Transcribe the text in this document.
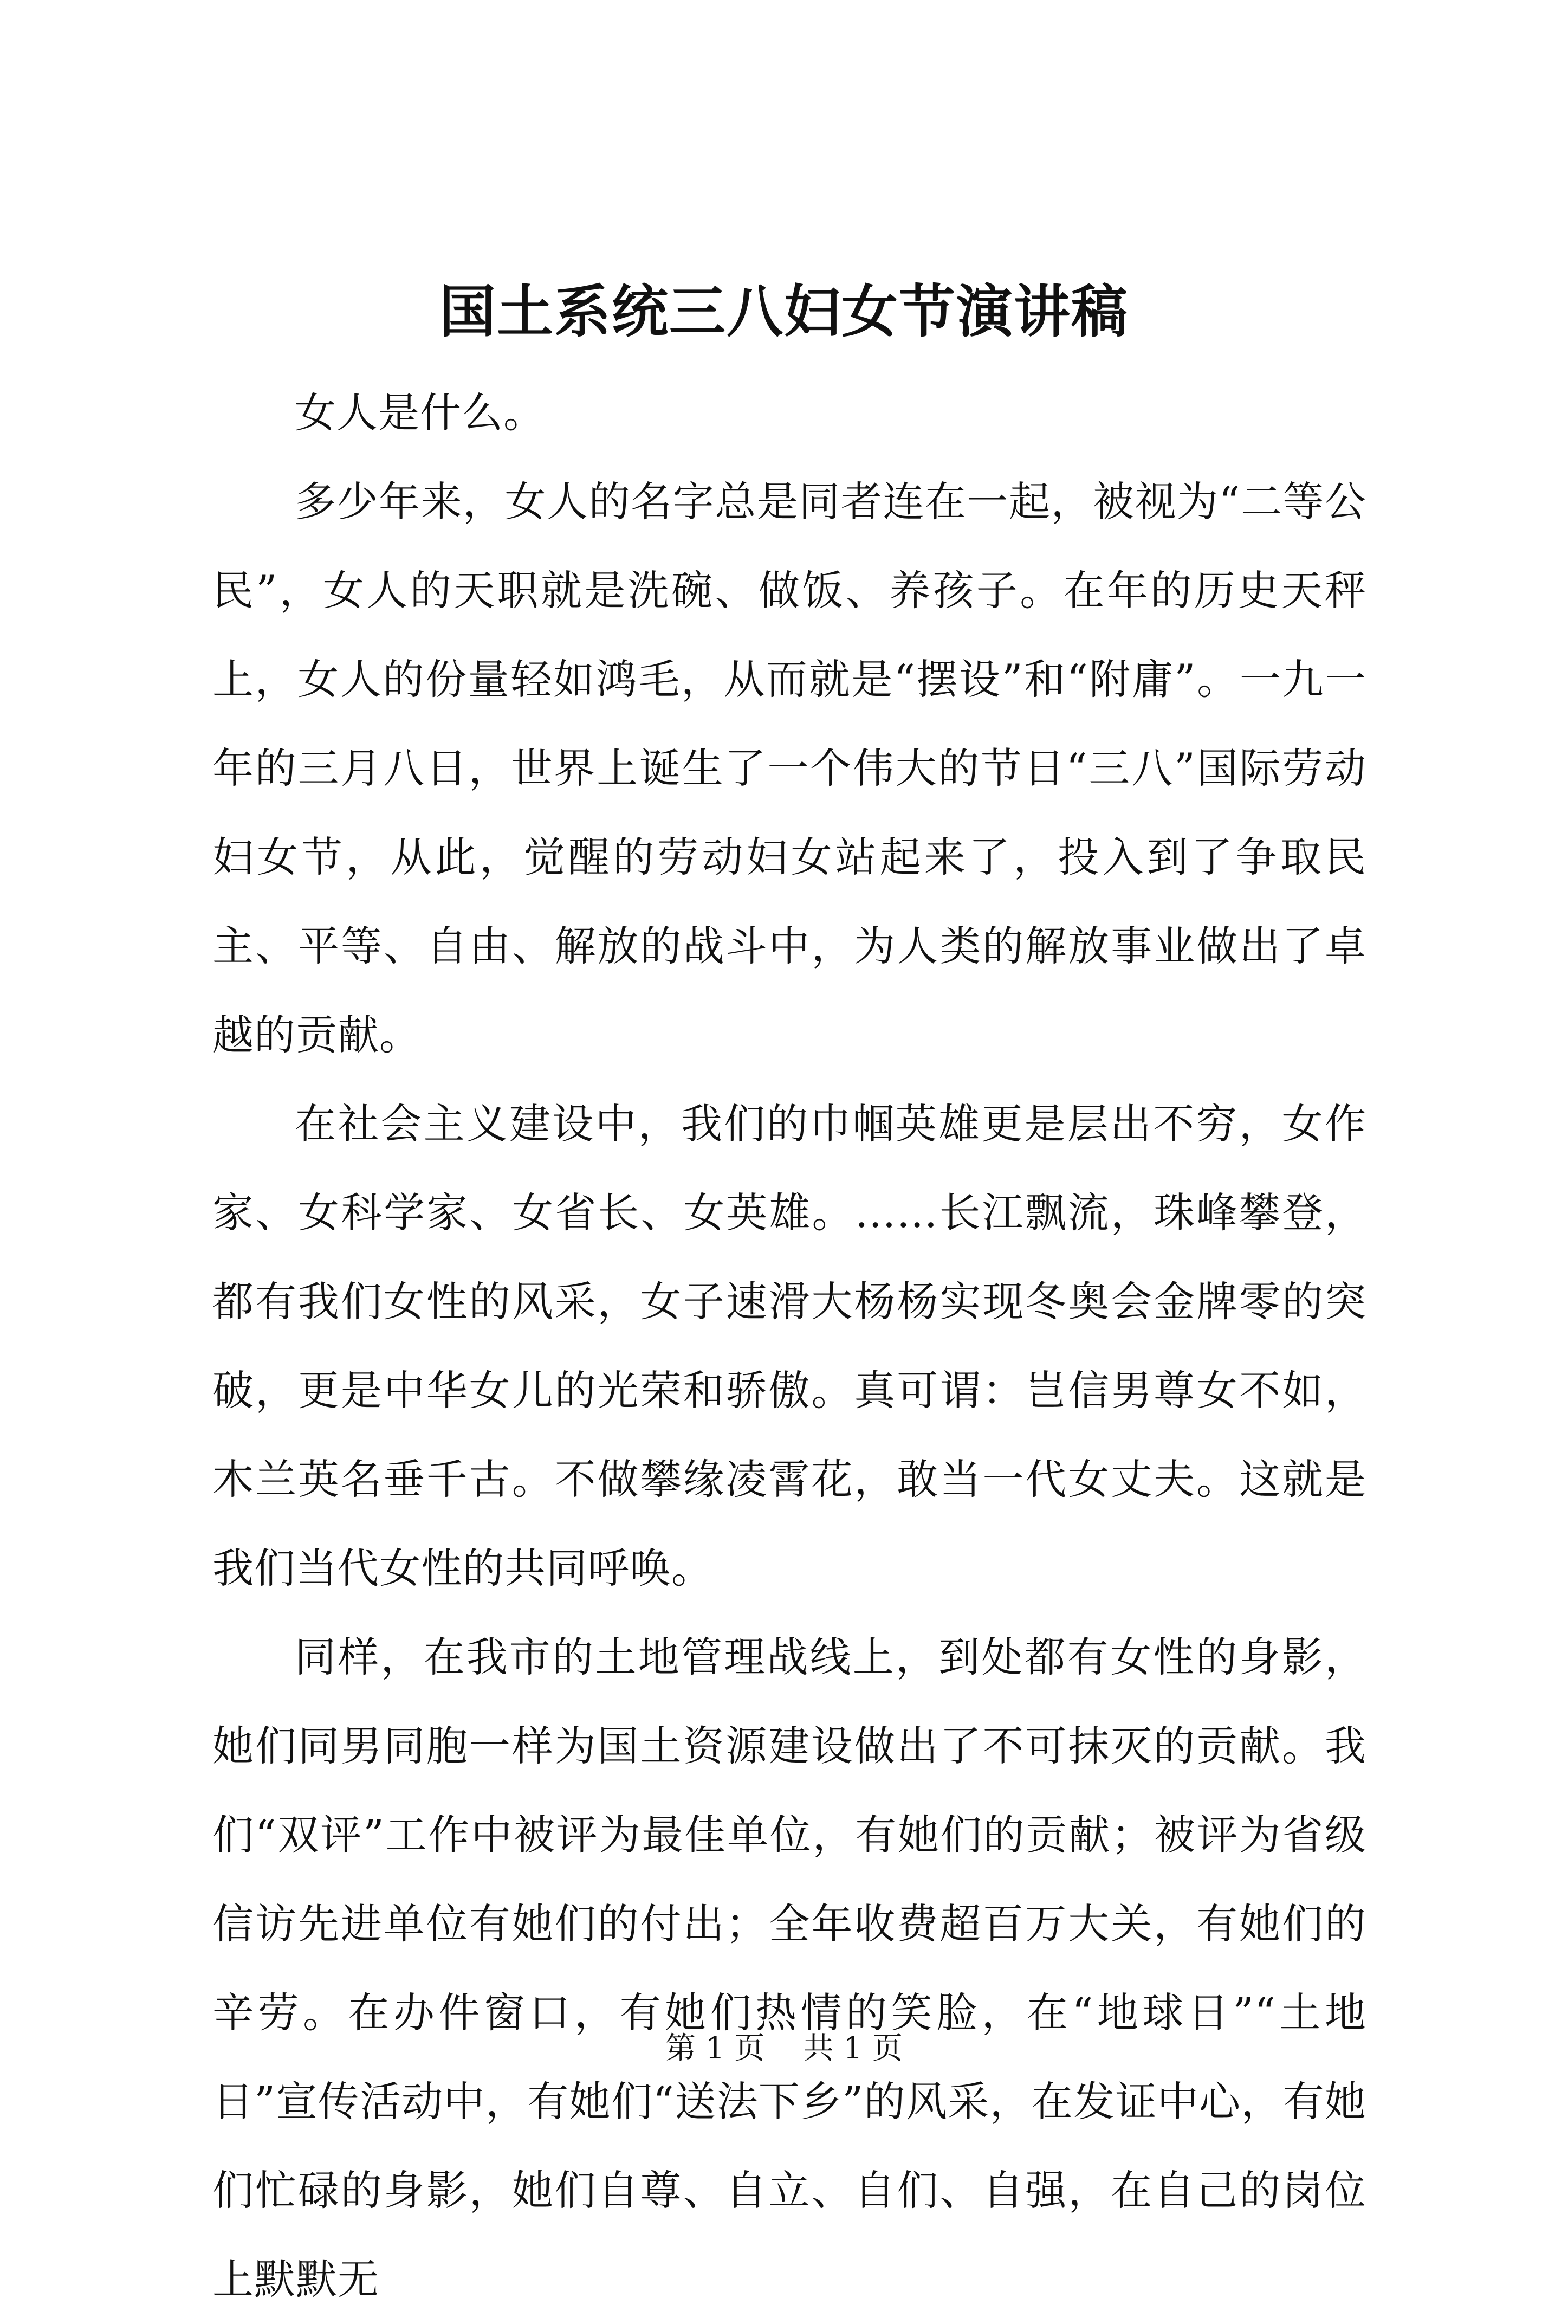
国土系统三八妇女节演讲稿

女人是什么。

多少年来，女人的名字总是同者连在一起，被视为“二等公民”，女人的天职就是洗碗、做饭、养孩子。在年的历史天秤上，女人的份量轻如鸿毛，从而就是“摆设”和“附庸”。一九一年的三月八日，世界上诞生了一个伟大的节日“三八”国际劳动妇女节，从此，觉醒的劳动妇女站起来了，投入到了争取民主、平等、自由、解放的战斗中，为人类的解放事业做出了卓越的贡献。

在社会主义建设中，我们的巾帼英雄更是层出不穷，女作家、女科学家、女省长、女英雄。……长江飘流，珠峰攀登，都有我们女性的风采，女子速滑大杨杨实现冬奥会金牌零的突破，更是中华女儿的光荣和骄傲。真可谓：岂信男尊女不如，木兰英名垂千古。不做攀缘凌霄花，敢当一代女丈夫。这就是我们当代女性的共同呼唤。

同样，在我市的土地管理战线上，到处都有女性的身影，她们同男同胞一样为国土资源建设做出了不可抹灭的贡献。我们“双评”工作中被评为最佳单位，有她们的贡献；被评为省级信访先进单位有她们的付出；全年收费超百万大关，有她们的辛劳。在办件窗口，有她们热情的笑脸，在“地球日”“土地日”宣传活动中，有她们“送法下乡”的风采，在发证中心，有她们忙碌的身影，她们自尊、自立、自们、自强，在自己的岗位上默默无

第 1 页 共 1 页
